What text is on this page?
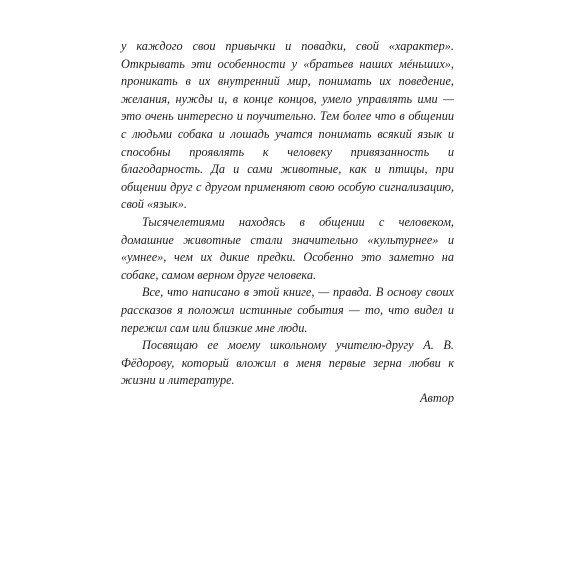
у каждого свои привычки и повадки, свой «характер». Открывать эти особенности у «братьев наших мéньших», проникать в их внутренний мир, понимать их поведение, желания, нужды и, в конце концов, умело управлять ими — это очень интересно и поучительно. Тем более что в общении с людьми собака и лошадь учатся понимать всякий язык и способны проявлять к человеку привязанность и благодарность. Да и сами животные, как и птицы, при общении друг с другом применяют свою особую сигнализацию, свой «язык».

Тысячелетиями находясь в общении с человеком, домашние животные стали значительно «культурнее» и «умнее», чем их дикие предки. Особенно это заметно на собаке, самом верном друге человека.

Все, что написано в этой книге, — правда. В основу своих рассказов я положил истинные события — то, что видел и пережил сам или близкие мне люди.

Посвящаю ее моему школьному учителю-другу А. В. Фёдорову, который вложил в меня первые зерна любви к жизни и литературе.

Автор
